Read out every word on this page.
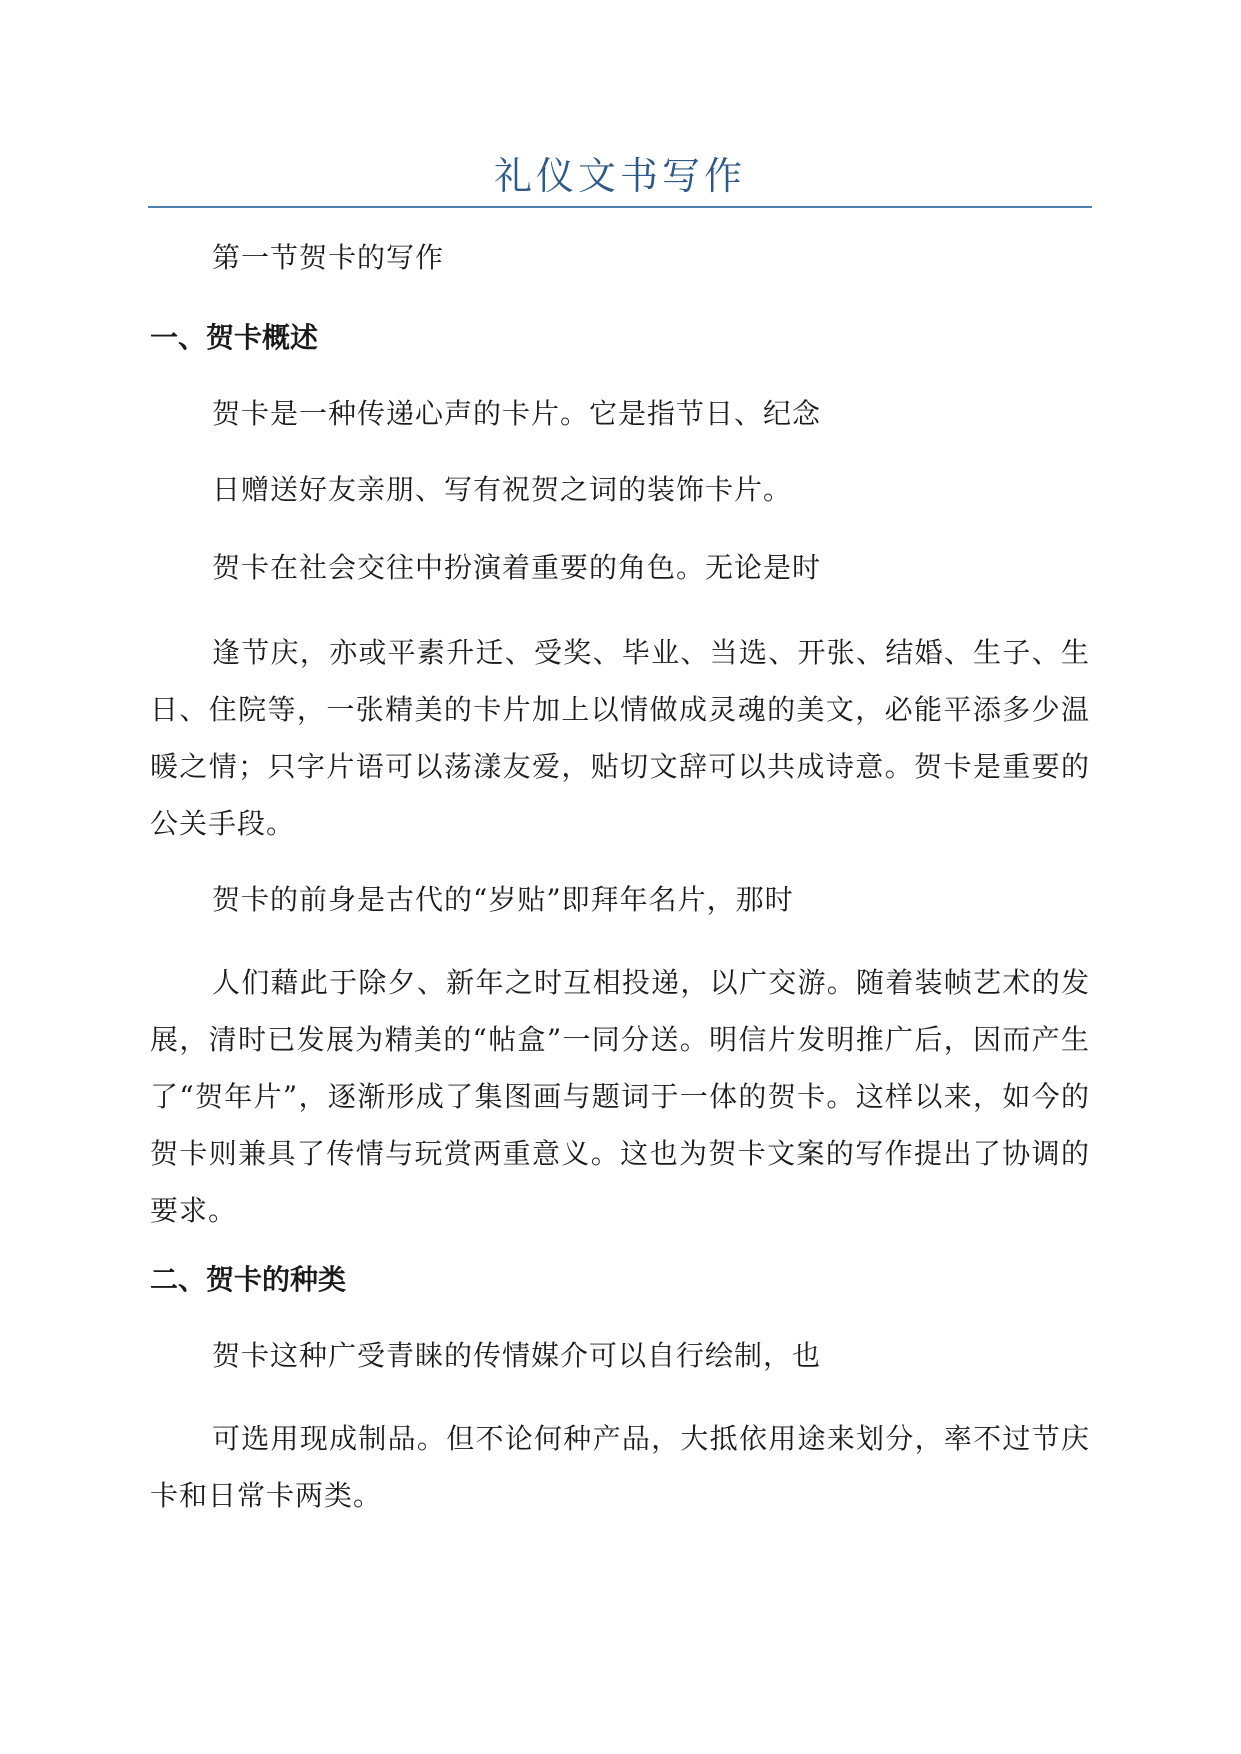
礼仪文书写作
第一节贺卡的写作
一、贺卡概述
贺卡是一种传递心声的卡片。它是指节日、纪念
日赠送好友亲朋、写有祝贺之词的装饰卡片。
贺卡在社会交往中扮演着重要的角色。无论是时
逢节庆，亦或平素升迁、受奖、毕业、当选、开张、结婚、生子、生日、住院等，一张精美的卡片加上以情做成灵魂的美文，必能平添多少温暖之情；只字片语可以荡漾友爱，贴切文辞可以共成诗意。贺卡是重要的公关手段。
贺卡的前身是古代的“岁贴”即拜年名片，那时
人们藉此于除夕、新年之时互相投递，以广交游。随着装帧艺术的发展，清时已发展为精美的“帖盒”一同分送。明信片发明推广后，因而产生了“贺年片”，逐渐形成了集图画与题词于一体的贺卡。这样以来，如今的贺卡则兼具了传情与玩赏两重意义。这也为贺卡文案的写作提出了协调的要求。
二、贺卡的种类
贺卡这种广受青睐的传情媒介可以自行绘制，也
可选用现成制品。但不论何种产品，大抵依用途来划分，率不过节庆卡和日常卡两类。
